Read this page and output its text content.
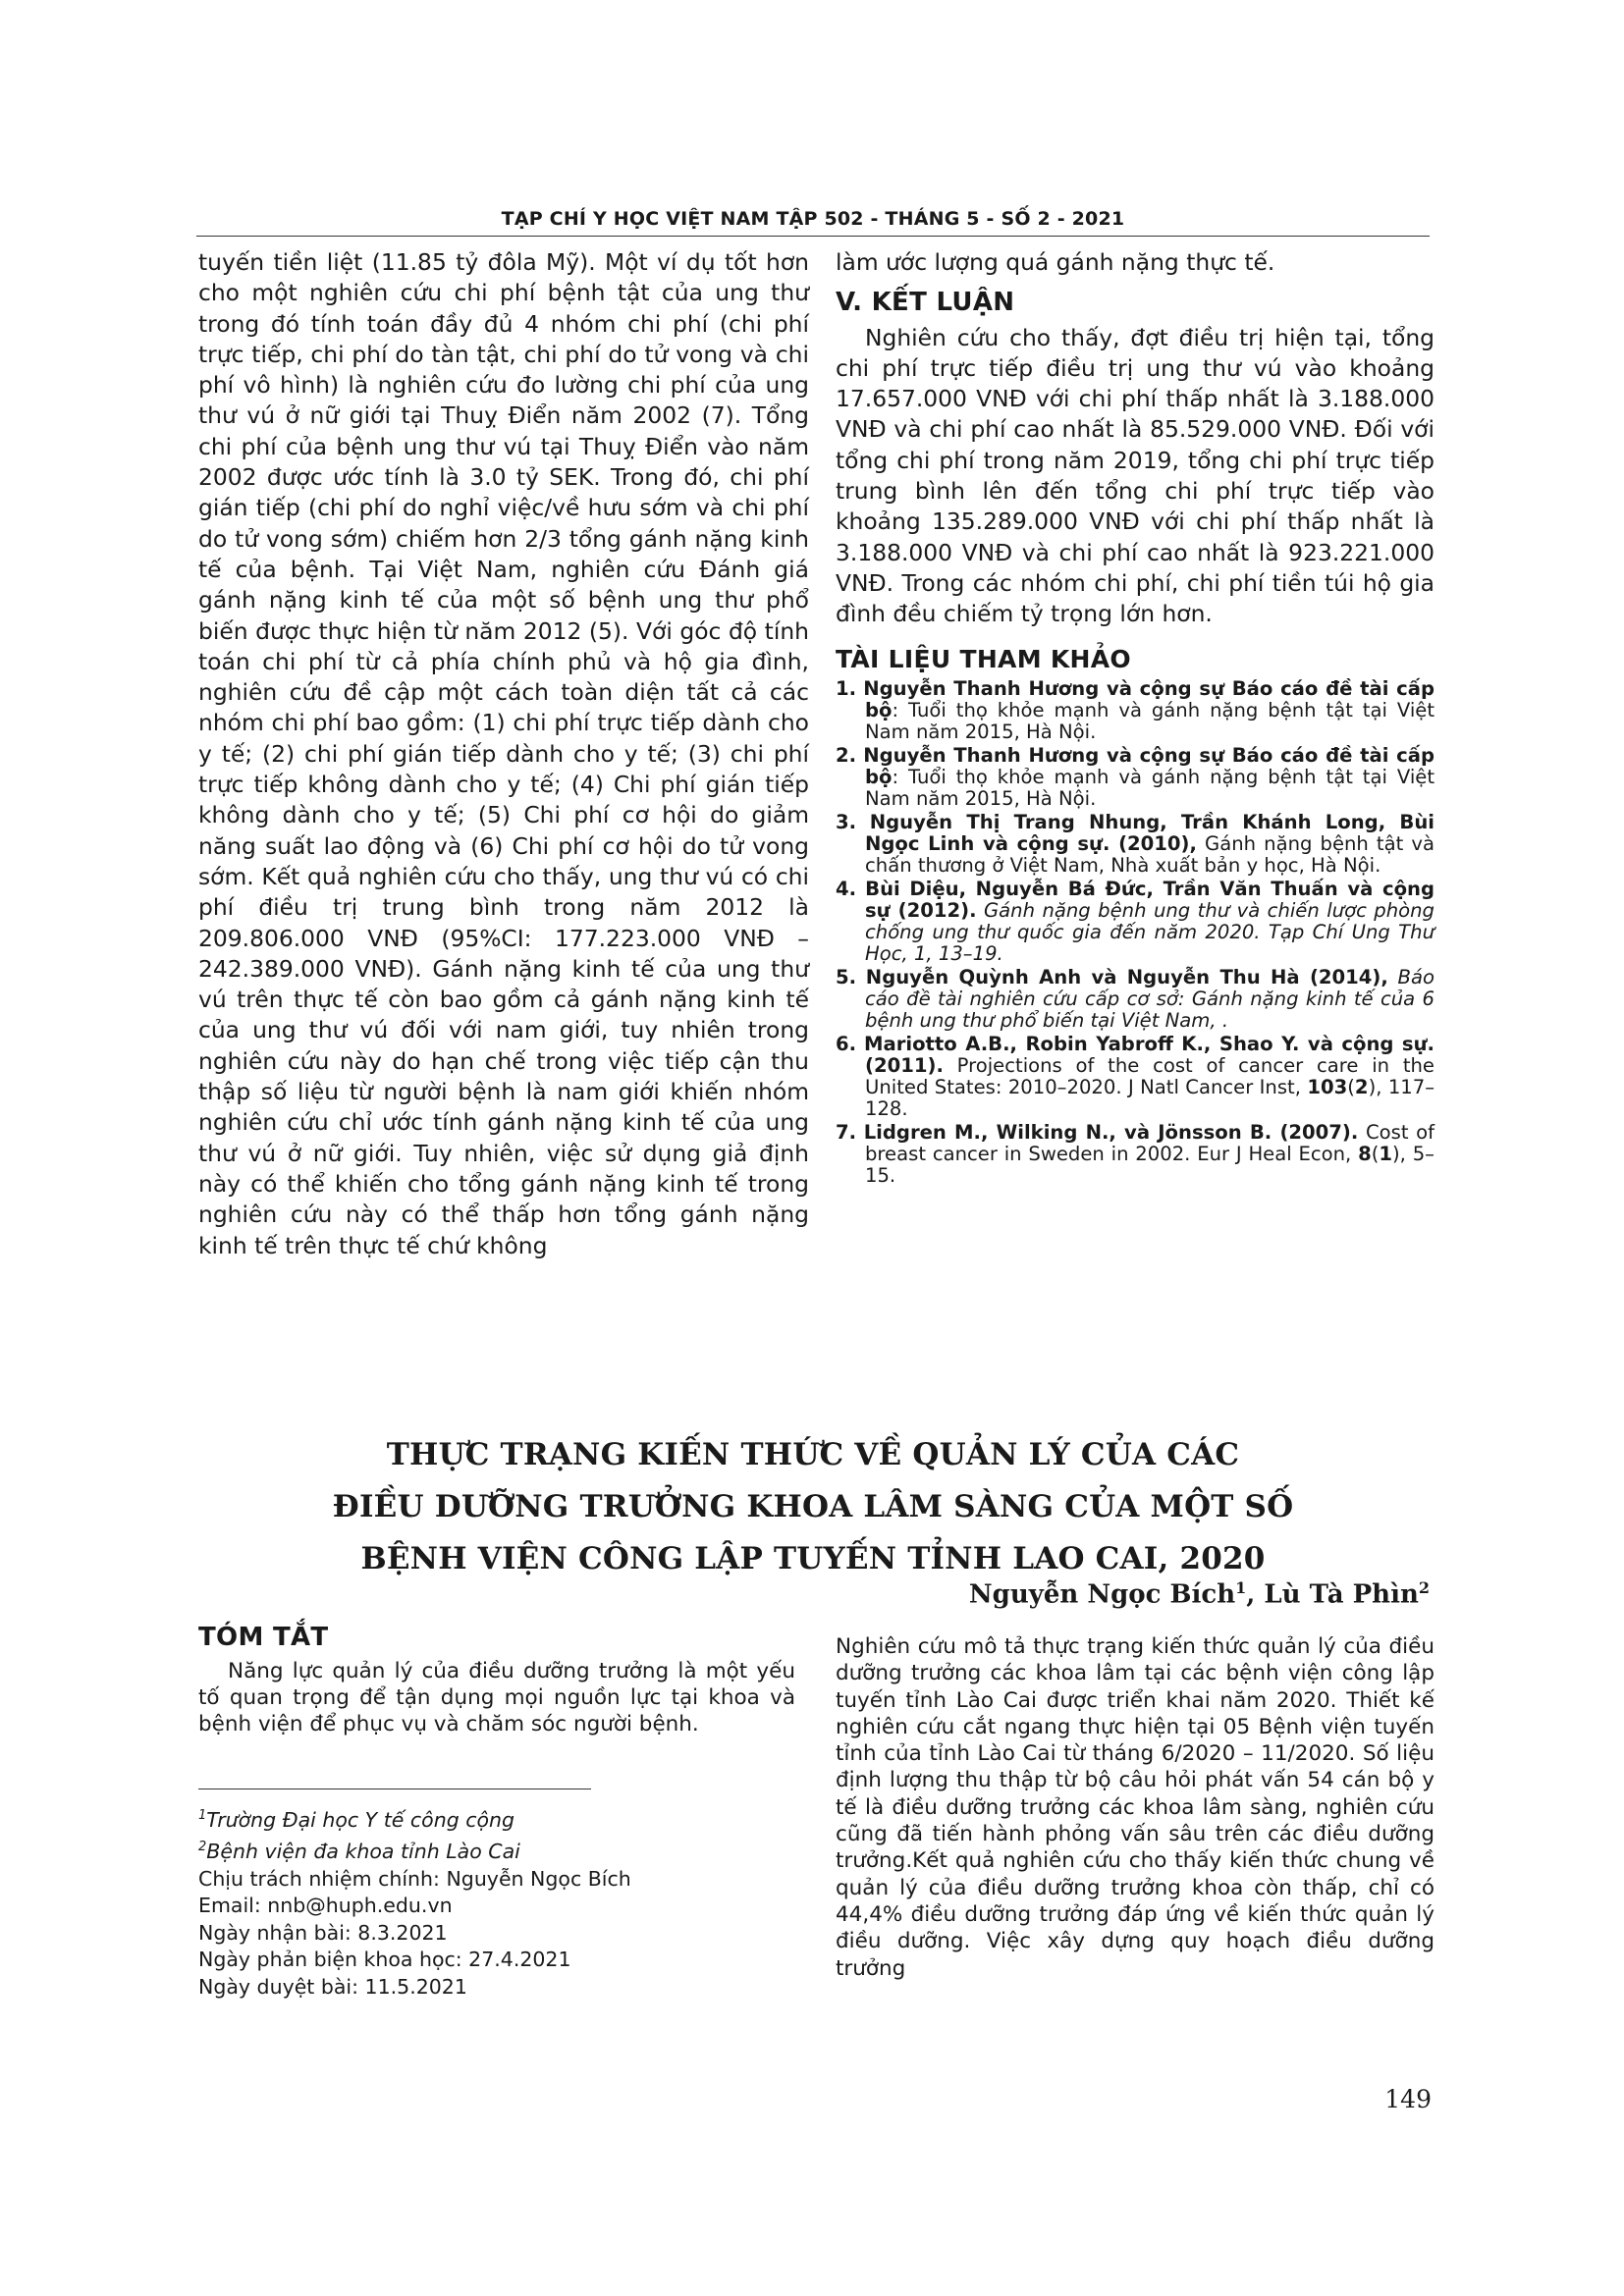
TẠP CHÍ Y HỌC VIỆT NAM TẬP 502 - THÁNG 5 - SỐ 2 - 2021

tuyến tiền liệt (11.85 tỷ đôla Mỹ). Một ví dụ tốt hơn cho một nghiên cứu chi phí bệnh tật của ung thư trong đó tính toán đầy đủ 4 nhóm chi phí (chi phí trực tiếp, chi phí do tàn tật, chi phí do tử vong và chi phí vô hình) là nghiên cứu đo lường chi phí của ung thư vú ở nữ giới tại Thuỵ Điển năm 2002 (7). Tổng chi phí của bệnh ung thư vú tại Thuỵ Điển vào năm 2002 được ước tính là 3.0 tỷ SEK. Trong đó, chi phí gián tiếp (chi phí do nghỉ việc/về hưu sớm và chi phí do tử vong sớm) chiếm hơn 2/3 tổng gánh nặng kinh tế của bệnh. Tại Việt Nam, nghiên cứu Đánh giá gánh nặng kinh tế của một số bệnh ung thư phổ biến được thực hiện từ năm 2012 (5). Với góc độ tính toán chi phí từ cả phía chính phủ và hộ gia đình, nghiên cứu đề cập một cách toàn diện tất cả các nhóm chi phí bao gồm: (1) chi phí trực tiếp dành cho y tế; (2) chi phí gián tiếp dành cho y tế; (3) chi phí trực tiếp không dành cho y tế; (4) Chi phí gián tiếp không dành cho y tế; (5) Chi phí cơ hội do giảm năng suất lao động và (6) Chi phí cơ hội do tử vong sớm. Kết quả nghiên cứu cho thấy, ung thư vú có chi phí điều trị trung bình trong năm 2012 là 209.806.000 VNĐ (95%CI: 177.223.000 VNĐ – 242.389.000 VNĐ). Gánh nặng kinh tế của ung thư vú trên thực tế còn bao gồm cả gánh nặng kinh tế của ung thư vú đối với nam giới, tuy nhiên trong nghiên cứu này do hạn chế trong việc tiếp cận thu thập số liệu từ người bệnh là nam giới khiến nhóm nghiên cứu chỉ ước tính gánh nặng kinh tế của ung thư vú ở nữ giới. Tuy nhiên, việc sử dụng giả định này có thể khiến cho tổng gánh nặng kinh tế trong nghiên cứu này có thể thấp hơn tổng gánh nặng kinh tế trên thực tế chứ không

làm ước lượng quá gánh nặng thực tế.

V. KẾT LUẬN

Nghiên cứu cho thấy, đợt điều trị hiện tại, tổng chi phí trực tiếp điều trị ung thư vú vào khoảng 17.657.000 VNĐ với chi phí thấp nhất là 3.188.000 VNĐ và chi phí cao nhất là 85.529.000 VNĐ. Đối với tổng chi phí trong năm 2019, tổng chi phí trực tiếp trung bình lên đến tổng chi phí trực tiếp vào khoảng 135.289.000 VNĐ với chi phí thấp nhất là 3.188.000 VNĐ và chi phí cao nhất là 923.221.000 VNĐ. Trong các nhóm chi phí, chi phí tiền túi hộ gia đình đều chiếm tỷ trọng lớn hơn.

TÀI LIỆU THAM KHẢO
1. Nguyễn Thanh Hương và cộng sự Báo cáo đề tài cấp bộ: Tuổi thọ khỏe mạnh và gánh nặng bệnh tật tại Việt Nam năm 2015, Hà Nội.
2. Nguyễn Thanh Hương và cộng sự Báo cáo đề tài cấp bộ: Tuổi thọ khỏe mạnh và gánh nặng bệnh tật tại Việt Nam năm 2015, Hà Nội.
3. Nguyễn Thị Trang Nhung, Trần Khánh Long, Bùi Ngọc Linh và cộng sự. (2010), Gánh nặng bệnh tật và chấn thương ở Việt Nam, Nhà xuất bản y học, Hà Nội.
4. Bùi Diệu, Nguyễn Bá Đức, Trần Văn Thuấn và cộng sự (2012). Gánh nặng bệnh ung thư và chiến lược phòng chống ung thư quốc gia đến năm 2020. Tạp Chí Ung Thư Học, 1, 13–19.
5. Nguyễn Quỳnh Anh và Nguyễn Thu Hà (2014), Báo cáo đề tài nghiên cứu cấp cơ sở: Gánh nặng kinh tế của 6 bệnh ung thư phổ biến tại Việt Nam, .
6. Mariotto A.B., Robin Yabroff K., Shao Y. và cộng sự. (2011). Projections of the cost of cancer care in the United States: 2010–2020. J Natl Cancer Inst, 103(2), 117–128.
7. Lidgren M., Wilking N., và Jönsson B. (2007). Cost of breast cancer in Sweden in 2002. Eur J Heal Econ, 8(1), 5–15.
THỰC TRẠNG KIẾN THỨC VỀ QUẢN LÝ CỦA CÁC
ĐIỀU DƯỠNG TRƯỞNG KHOA LÂM SÀNG CỦA MỘT SỐ
BỆNH VIỆN CÔNG LẬP TUYẾN TỈNH LAO CAI, 2020
Nguyễn Ngọc Bích$^1$, Lù Tà Phìn$^2$
TÓM TẮT
Năng lực quản lý của điều dưỡng trưởng là một yếu tố quan trọng để tận dụng mọi nguồn lực tại khoa và bệnh viện để phục vụ và chăm sóc người bệnh.
Nghiên cứu mô tả thực trạng kiến thức quản lý của điều dưỡng trưởng các khoa lâm tại các bệnh viện công lập tuyến tỉnh Lào Cai được triển khai năm 2020. Thiết kế nghiên cứu cắt ngang thực hiện tại 05 Bệnh viện tuyến tỉnh của tỉnh Lào Cai từ tháng 6/2020 – 11/2020. Số liệu định lượng thu thập từ bộ câu hỏi phát vấn 54 cán bộ y tế là điều dưỡng trưởng các khoa lâm sàng, nghiên cứu cũng đã tiến hành phỏng vấn sâu trên các điều dưỡng trưởng.Kết quả nghiên cứu cho thấy kiến thức chung về quản lý của điều dưỡng trưởng khoa còn thấp, chỉ có 44,4% điều dưỡng trưởng đáp ứng về kiến thức quản lý điều dưỡng. Việc xây dựng quy hoạch điều dưỡng trưởng
$^1$Trường Đại học Y tế công cộng
$^2$Bệnh viện đa khoa tỉnh Lào Cai
Chịu trách nhiệm chính: Nguyễn Ngọc Bích
Email: nnb@huph.edu.vn
Ngày nhận bài: 8.3.2021
Ngày phản biện khoa học: 27.4.2021
Ngày duyệt bài: 11.5.2021
149
